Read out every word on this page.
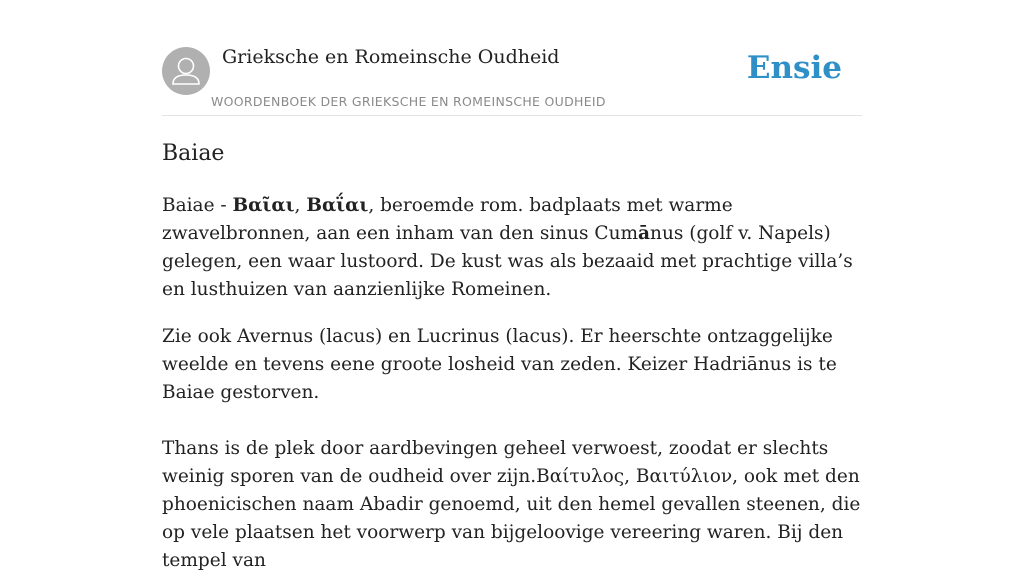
Grieksche en Romeinsche Oudheid
WOORDENBOEK DER GRIEKSCHE EN ROMEINSCHE OUDHEID
Ensie
Baiae

Baiae - Βαῖαι, Βαΐαι, beroemde rom. badplaats met warme zwavelbronnen, aan een inham van den sinus Cumānus (golf v. Napels) gelegen, een waar lustoord. De kust was als bezaaid met prachtige villa’s en lusthuizen van aanzienlijke Romeinen.

Zie ook Avernus (lacus) en Lucrinus (lacus). Er heerschte ontzaggelijke weelde en tevens eene groote losheid van zeden. Keizer Hadriānus is te Baiae gestorven.

Thans is de plek door aardbevingen geheel verwoest, zoodat er slechts weinig sporen van de oudheid over zijn.Βαίτυλος, Βαιτύλιον, ook met den phoenicischen naam Abadir genoemd, uit den hemel gevallen steenen, die op vele plaatsen het voorwerp van bijgeloovige vereering waren. Bij den tempel van
